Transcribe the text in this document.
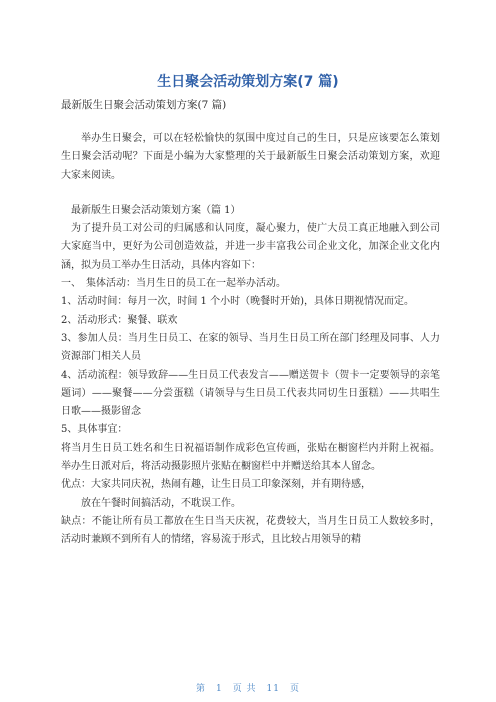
生日聚会活动策划方案(7 篇)

最新版生日聚会活动策划方案(7 篇)

举办生日聚会，可以在轻松愉快的氛围中度过自己的生日，只是应该要怎么策划生日聚会活动呢？下面是小编为大家整理的关于最新版生日聚会活动策划方案，欢迎大家来阅读。

最新版生日聚会活动策划方案（篇 1）

为了提升员工对公司的归属感和认同度，凝心聚力，使广大员工真正地融入到公司大家庭当中，更好为公司创造效益，并进一步丰富我公司企业文化，加深企业文化内涵，拟为员工举办生日活动，具体内容如下：

一、　集体活动：当月生日的员工在一起举办活动。

1、活动时间：每月一次，时间 1 个小时（晚餐时开始)，具体日期视情况而定。

2、活动形式：聚餐、联欢

3、参加人员：当月生日员工、在家的领导、当月生日员工所在部门经理及同事、人力资源部门相关人员

4、活动流程：领导致辞——生日员工代表发言——赠送贺卡（贺卡一定要领导的亲笔题词）——聚餐——分尝蛋糕（请领导与生日员工代表共同切生日蛋糕）——共唱生日歌——摄影留念

5、具体事宜：

将当月生日员工姓名和生日祝福语制作成彩色宣传画，张贴在橱窗栏内并附上祝福。举办生日派对后，将活动摄影照片张贴在橱窗栏中并赠送给其本人留念。

优点：大家共同庆祝，热闹有趣，让生日员工印象深刻，并有期待感，

放在午餐时间搞活动，不耽误工作。

缺点：不能让所有员工都放在生日当天庆祝，花费较大，当月生日员工人数较多时，活动时兼顾不到所有人的情绪，容易流于形式，且比较占用领导的精

第　1　页 共　11　页
